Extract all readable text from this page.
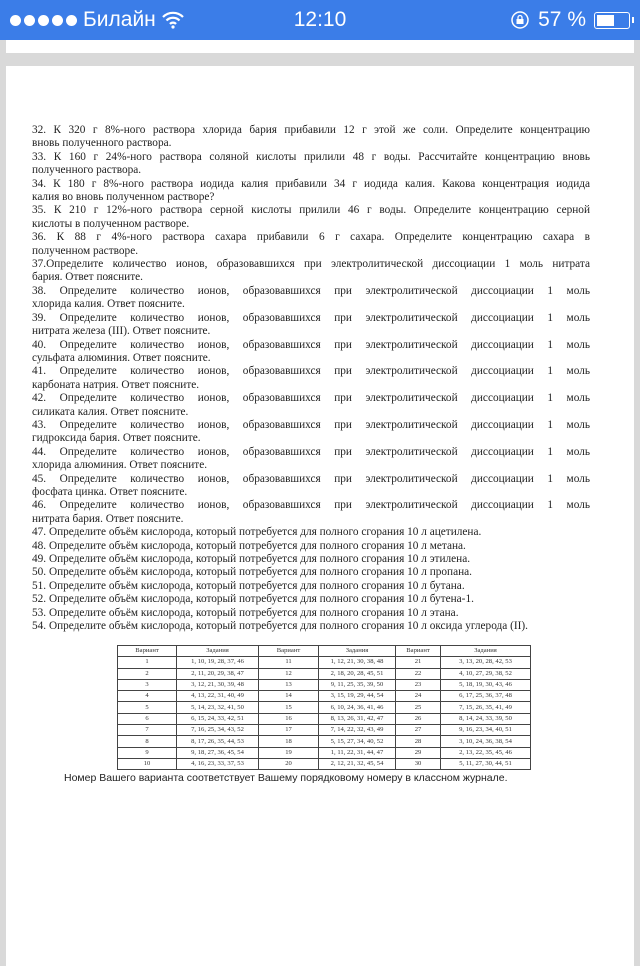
Билайн	12:10	57 %
32. К 320 г 8%-ного раствора хлорида бария прибавили 12 г этой же соли. Определите концентрацию
вновь полученного раствора.
33. К 160 г 24%-ного раствора соляной кислоты прилили 48 г воды. Рассчитайте концентрацию вновь
полученного раствора.
34. К 180 г 8%-ного раствора иодида калия прибавили 34 г иодида калия. Какова концентрация иодида
калия во вновь полученном растворе?
35. К 210 г 12%-ного раствора серной кислоты прилили 46 г воды. Определите концентрацию серной
кислоты в полученном растворе.
36. К 88 г 4%-ного раствора сахара прибавили 6 г сахара. Определите концентрацию сахара в
полученном растворе.
37.Определите количество ионов, образовавшихся при электролитической диссоциации 1 моль нитрата
бария. Ответ поясните.
38. Определите количество ионов, образовавшихся при электролитической диссоциации 1 моль
хлорида калия. Ответ поясните.
39. Определите количество ионов, образовавшихся при электролитической диссоциации 1 моль
нитрата железа (III). Ответ поясните.
40. Определите количество ионов, образовавшихся при электролитической диссоциации 1 моль
сульфата алюминия. Ответ поясните.
41. Определите количество ионов, образовавшихся при электролитической диссоциации 1 моль
карбоната натрия. Ответ поясните.
42. Определите количество ионов, образовавшихся при электролитической диссоциации 1 моль
силиката калия. Ответ поясните.
43. Определите количество ионов, образовавшихся при электролитической диссоциации 1 моль
гидроксида бария. Ответ поясните.
44. Определите количество ионов, образовавшихся при электролитической диссоциации 1 моль
хлорида алюминия. Ответ поясните.
45. Определите количество ионов, образовавшихся при электролитической диссоциации 1 моль
фосфата цинка. Ответ поясните.
46. Определите количество ионов, образовавшихся при электролитической диссоциации 1 моль
нитрата бария. Ответ поясните.
47. Определите объём кислорода, который потребуется для полного сгорания 10 л ацетилена.
48. Определите объём кислорода, который потребуется для полного сгорания 10 л метана.
49. Определите объём кислорода, который потребуется для полного сгорания 10 л этилена.
50. Определите объём кислорода, который потребуется для полного сгорания 10 л пропана.
51. Определите объём кислорода, который потребуется для полного сгорания 10 л бутана.
52. Определите объём кислорода, который потребуется для полного сгорания 10 л бутена-1.
53. Определите объём кислорода, который потребуется для полного сгорания 10 л этана.
54. Определите объём кислорода, который потребуется для полного сгорания 10 л оксида углерода (II).
Вариант	Задания	Вариант	Задания	Вариант	Задания
1	1, 10, 19, 28, 37, 46	11	1, 12, 21, 30, 38, 48	21	3, 13, 20, 28, 42, 53
2	2, 11, 20, 29, 38, 47	12	2, 18, 20, 28, 45, 51	22	4, 10, 27, 29, 38, 52
3	3, 12, 21, 30, 39, 48	13	9, 11, 25, 35, 39, 50	23	5, 18, 19, 30, 43, 46
4	4, 13, 22, 31, 40, 49	14	3, 15, 19, 29, 44, 54	24	6, 17, 25, 36, 37, 48
5	5, 14, 23, 32, 41, 50	15	6, 10, 24, 36, 41, 46	25	7, 15, 26, 35, 41, 49
6	6, 15, 24, 33, 42, 51	16	8, 13, 26, 31, 42, 47	26	8, 14, 24, 33, 39, 50
7	7, 16, 25, 34, 43, 52	17	7, 14, 22, 32, 43, 49	27	9, 16, 23, 34, 40, 51
8	8, 17, 26, 35, 44, 53	18	5, 15, 27, 34, 40, 52	28	3, 10, 24, 36, 38, 54
9	9, 18, 27, 36, 45, 54	19	1, 11, 22, 31, 44, 47	29	2, 13, 22, 35, 45, 46
10	4, 16, 23, 33, 37, 53	20	2, 12, 21, 32, 45, 54	30	5, 11, 27, 30, 44, 51
Номер Вашего варианта соответствует Вашему порядковому номеру в классном журнале.
